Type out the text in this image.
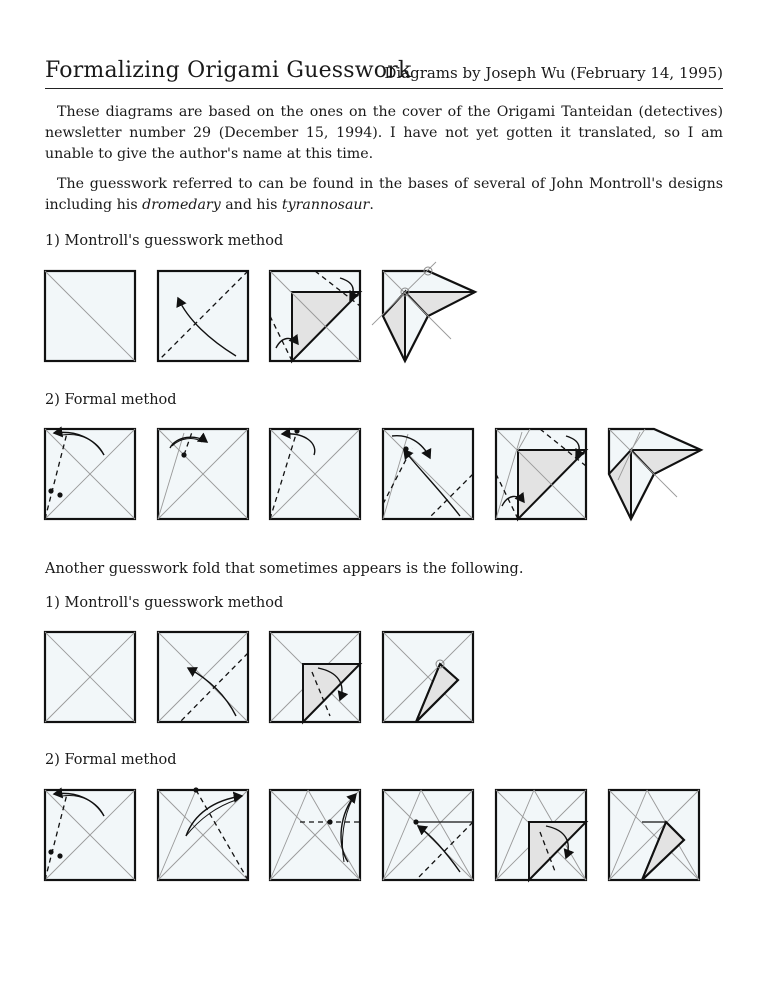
Formalizing Origami Guesswork
Diagrams by Joseph Wu (February 14, 1995)

These diagrams are based on the ones on the cover of the Origami Tanteidan (detectives) newsletter number 29 (December 15, 1994). I have not yet gotten it translated, so I am unable to give the author's name at this time.

The guesswork referred to can be found in the bases of several of John Montroll's designs including his dromedary and his tyrannosaur.

1) Montroll's guesswork method
2) Formal method
Another guesswork fold that sometimes appears is the following.
1) Montroll's guesswork method
2) Formal method
